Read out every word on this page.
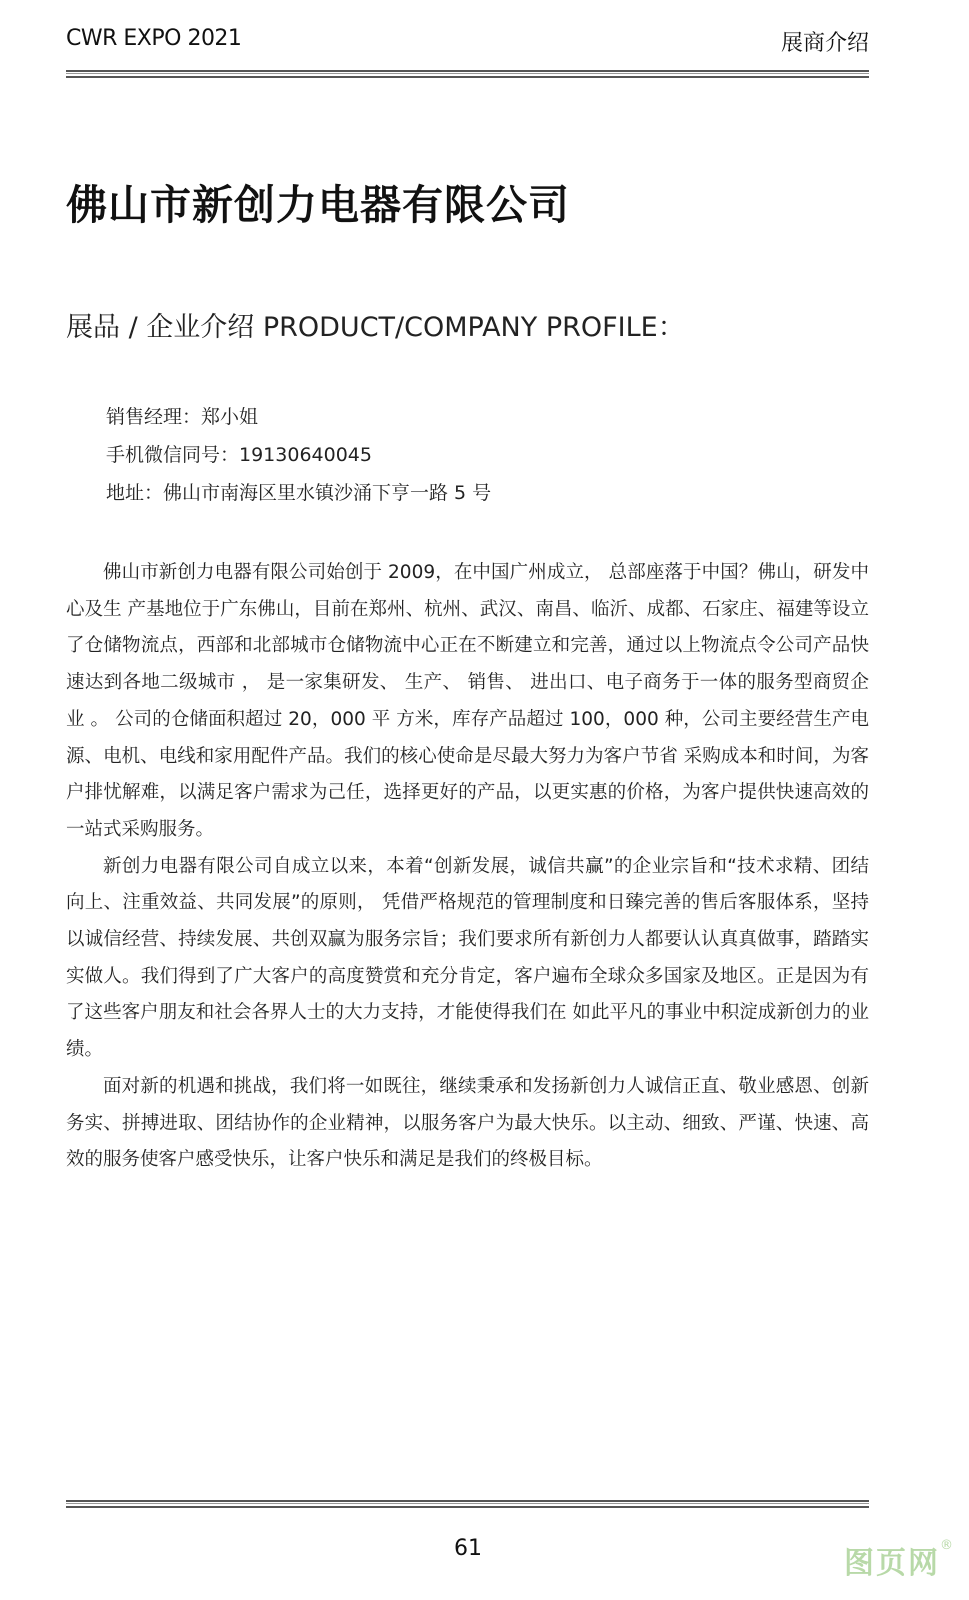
CWR EXPO 2021	展商介绍
佛山市新创力电器有限公司
展品 / 企业介绍 PRODUCT/COMPANY PROFILE：
销售经理：郑小姐
手机微信同号：19130640045
地址：佛山市南海区里水镇沙涌下亨一路 5 号

佛山市新创力电器有限公司始创于 2009，在中国广州成立， 总部座落于中国？佛山，研发中心及生 产基地位于广东佛山，目前在郑州、杭州、武汉、南昌、临沂、成都、石家庄、福建等设立了仓储物流点，西部和北部城市仓储物流中心正在不断建立和完善，通过以上物流点令公司产品快速达到各地二级城市 ， 是一家集研发、 生产、 销售、 进出口、电子商务于一体的服务型商贸企业 。 公司的仓储面积超过 20，000 平 方米，库存产品超过 100，000 种，公司主要经营生产电源、电机、电线和家用配件产品。我们的核心使命是尽最大努力为客户节省 采购成本和时间，为客户排忧解难，以满足客户需求为己任，选择更好的产品，以更实惠的价格，为客户提供快速高效的一站式采购服务。

新创力电器有限公司自成立以来，本着“创新发展，诚信共赢”的企业宗旨和“技术求精、团结向上、注重效益、共同发展”的原则， 凭借严格规范的管理制度和日臻完善的售后客服体系，坚持以诚信经营、持续发展、共创双赢为服务宗旨；我们要求所有新创力人都要认认真真做事，踏踏实实做人。我们得到了广大客户的高度赞赏和充分肯定，客户遍布全球众多国家及地区。正是因为有了这些客户朋友和社会各界人士的大力支持，才能使得我们在 如此平凡的事业中积淀成新创力的业绩。

面对新的机遇和挑战，我们将一如既往，继续秉承和发扬新创力人诚信正直、敬业感恩、创新务实、拼搏进取、团结协作的企业精神，以服务客户为最大快乐。以主动、细致、严谨、快速、高效的服务使客户感受快乐，让客户快乐和满足是我们的终极目标。

61	图页网®
